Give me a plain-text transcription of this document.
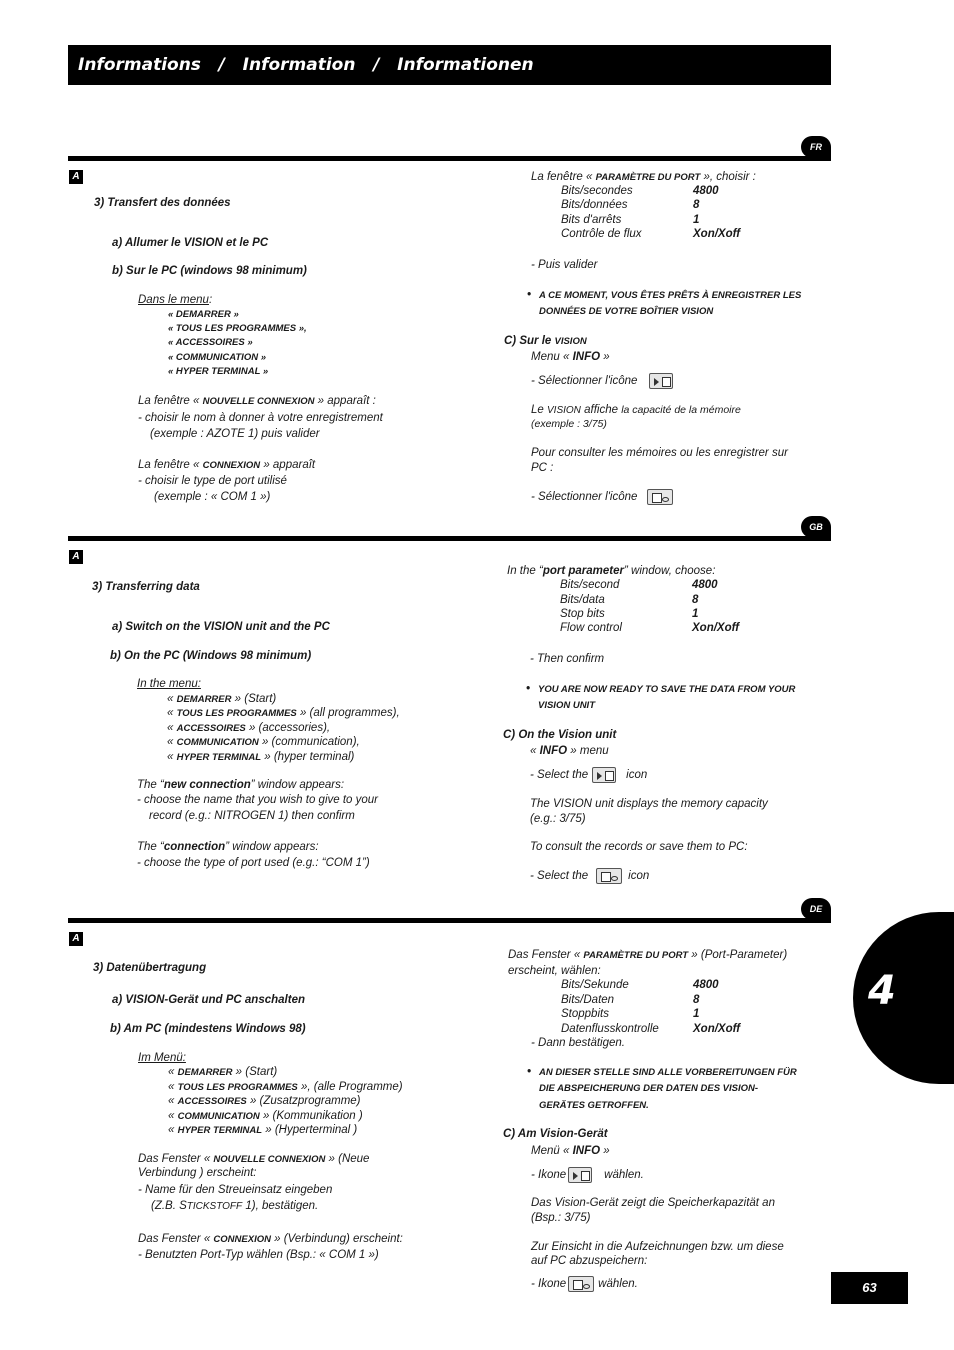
Informations   /   Information   /   Informationen
FR
A
3) Transfert des données
a) Allumer le VISION et le PC
b) Sur le PC (windows 98 minimum)
Dans le menu:
« DEMARRER »
« TOUS LES PROGRAMMES »,
« ACCESSOIRES »
« COMMUNICATION »
« HYPER TERMINAL »
La fenêtre « NOUVELLE CONNEXION » apparaît :
- choisir le nom à donner à votre enregistrement
(exemple : AZOTE 1) puis valider
La fenêtre « CONNEXION » apparaît
- choisir le type de port utilisé
(exemple : « COM 1 »)
La fenêtre « PARAMÈTRE DU PORT », choisir :
Bits/secondes	4800
Bits/données	8
Bits d'arrêts	1
Contrôle de flux	Xon/Xoff
- Puis valider
• A CE MOMENT, VOUS ÊTES PRÊTS À ENREGISTRER LES
DONNÉES DE VOTRE BOÎTIER VISION
C) Sur le VISION
Menu « INFO »
- Sélectionner l'icône
Le VISION affiche la capacité de la mémoire
(exemple : 3/75)
Pour consulter les mémoires ou les enregistrer sur
PC :
- Sélectionner l'icône
GB
A
3) Transferring data
a) Switch on the VISION unit and the PC
b) On the PC (Windows 98 minimum)
In the menu:
« DEMARRER » (Start)
« TOUS LES PROGRAMMES » (all programmes),
« ACCESSOIRES » (accessories),
« COMMUNICATION » (communication),
« HYPER TERMINAL » (hyper terminal)
The “new connection” window appears:
- choose the name that you wish to give to your
record (e.g.: NITROGEN 1) then confirm
The “connection” window appears:
- choose the type of port used (e.g.: “COM 1”)
In the “port parameter” window, choose:
Bits/second	4800
Bits/data	8
Stop bits	1
Flow control	Xon/Xoff
- Then confirm
• YOU ARE NOW READY TO SAVE THE DATA FROM YOUR
VISION UNIT
C) On the Vision unit
« INFO » menu
- Select the	icon
The VISION unit displays the memory capacity
(e.g.: 3/75)
To consult the records or save them to PC:
- Select the	icon
DE
A
3) Datenübertragung
a) VISION-Gerät und PC anschalten
b) Am PC (mindestens Windows 98)
Im Menü:
« DEMARRER » (Start)
« TOUS LES PROGRAMMES », (alle Programme)
« ACCESSOIRES » (Zusatzprogramme)
« COMMUNICATION » (Kommunikation )
« HYPER TERMINAL » (Hyperterminal )
Das Fenster « NOUVELLE CONNEXION » (Neue
Verbindung ) erscheint:
- Name für den Streueinsatz eingeben
(Z.B. STICKSTOFF 1), bestätigen.
Das Fenster « CONNEXION » (Verbindung) erscheint:
- Benutzten Port-Typ wählen (Bsp.: « COM 1 »)
Das Fenster « PARAMÈTRE DU PORT » (Port-Parameter)
erscheint, wählen:
Bits/Sekunde	4800
Bits/Daten	8
Stoppbits	1
Datenflusskontrolle	Xon/Xoff
- Dann bestätigen.
• AN DIESER STELLE SIND ALLE VORBEREITUNGEN FÜR
DIE ABSPEICHERUNG DER DATEN DES VISION-
GERÄTES GETROFFEN.
C) Am Vision-Gerät
Menü « INFO »
- Ikone	wählen.
Das Vision-Gerät zeigt die Speicherkapazität an
(Bsp.: 3/75)
Zur Einsicht in die Aufzeichnungen bzw. um diese
auf PC abzuspeichern:
- Ikone	wählen.
4
63
